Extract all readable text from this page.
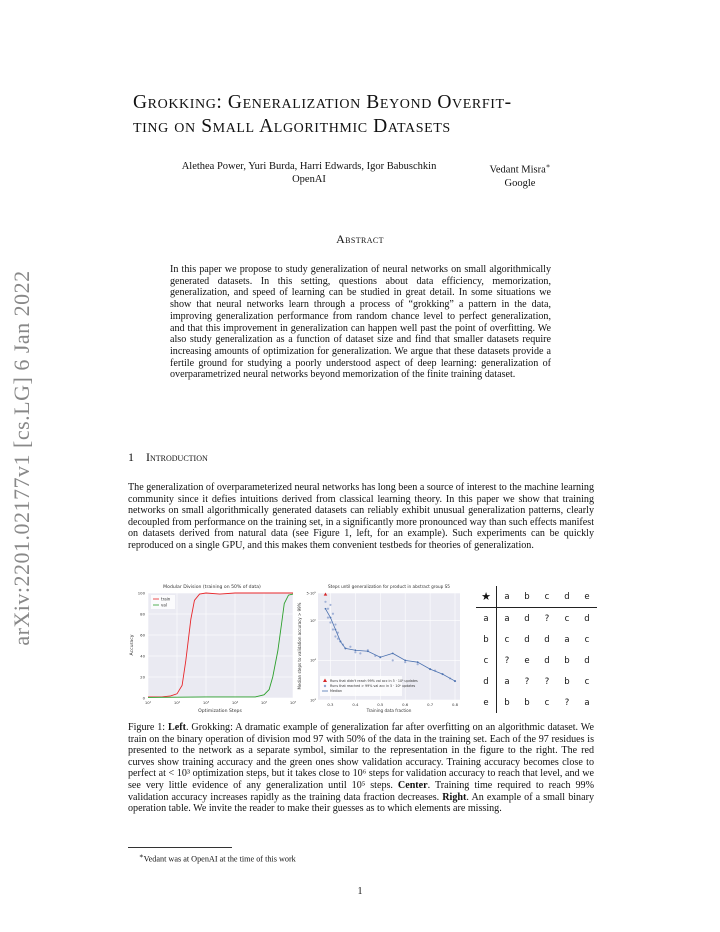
arXiv:2201.02177v1 [cs.LG] 6 Jan 2022
Grokking: Generalization Beyond Overfit-
ting on Small Algorithmic Datasets
Alethea Power, Yuri Burda, Harri Edwards, Igor Babuschkin
OpenAI
Vedant Misra∗
Google
Abstract
In this paper we propose to study generalization of neural networks on small algorithmically generated datasets. In this setting, questions about data efficiency, memorization, generalization, and speed of learning can be studied in great detail. In some situations we show that neural networks learn through a process of “grokking” a pattern in the data, improving generalization performance from random chance level to perfect generalization, and that this improvement in generalization can happen well past the point of overfitting. We also study generalization as a function of dataset size and find that smaller datasets require increasing amounts of optimization for generalization. We argue that these datasets provide a fertile ground for studying a poorly understood aspect of deep learning: generalization of overparametrized neural networks beyond memorization of the finite training dataset.
1 Introduction
The generalization of overparameterized neural networks has long been a source of interest to the machine learning community since it defies intuitions derived from classical learning theory. In this paper we show that training networks on small algorithmically generated datasets can reliably exhibit unusual generalization patterns, clearly decoupled from performance on the training set, in a significantly more pronounced way than such effects manifest on datasets derived from natural data (see Figure 1, left, for an example). Such experiments can be quickly reproduced on a single GPU, and this makes them convenient testbeds for theories of generalization.
Modular Division (training on 50% of data)
10¹	10²	10³	10⁴	10⁵	10⁶
0
20
40
60
80
100
Accuracy
Optimization Steps
train
val
Steps until generalization for product in abstract group S5
0.3	0.4	0.5	0.6	0.7	0.8
10³
10⁴
10⁵
5·10⁵
Median steps to validation accuracy > 99%
Training data fraction
Runs that didn't reach 99% val acc in 5 · 10⁵ updates
Runs that reached > 99% val acc in 5 · 10⁵ updates
Median
★	a	b	c	d	e
a	a	d	?	c	d
b	c	d	d	a	c
c	?	e	d	b	d
d	a	?	?	b	c
e	b	b	c	?	a
Figure 1: Left. Grokking: A dramatic example of generalization far after overfitting on an algorithmic dataset. We train on the binary operation of division mod 97 with 50% of the data in the training set. Each of the 97 residues is presented to the network as a separate symbol, similar to the representation in the figure to the right. The red curves show training accuracy and the green ones show validation accuracy. Training accuracy becomes close to perfect at < 10³ optimization steps, but it takes close to 10⁶ steps for validation accuracy to reach that level, and we see very little evidence of any generalization until 10⁵ steps. Center. Training time required to reach 99% validation accuracy increases rapidly as the training data fraction decreases. Right. An example of a small binary operation table. We invite the reader to make their guesses as to which elements are missing.
∗Vedant was at OpenAI at the time of this work
1
